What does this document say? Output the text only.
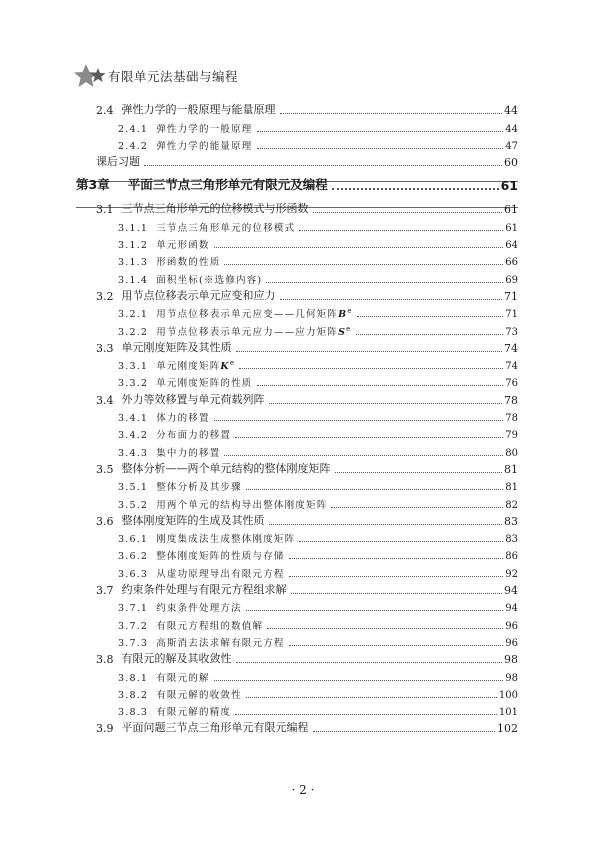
有限单元法基础与编程
2.4 弹性力学的一般原理与能量原理	44
2.4.1 弹性力学的一般原理	44
2.4.2 弹性力学的能量原理	47
课后习题	60
第3章	平面三节点三角形单元有限元及编程	61
3.1 三节点三角形单元的位移模式与形函数	61
3.1.1 三节点三角形单元的位移模式	61
3.1.2 单元形函数	64
3.1.3 形函数的性质	66
3.1.4 面积坐标(※选修内容)	69
3.2 用节点位移表示单元应变和应力	71
3.2.1 用节点位移表示单元应变——几何矩阵$B^e$	71
3.2.2 用节点位移表示单元应力——应力矩阵$S^e$	73
3.3 单元刚度矩阵及其性质	74
3.3.1 单元刚度矩阵$K^e$	74
3.3.2 单元刚度矩阵的性质	76
3.4 外力等效移置与单元荷载列阵	78
3.4.1 体力的移置	78
3.4.2 分布面力的移置	79
3.4.3 集中力的移置	80
3.5 整体分析——两个单元结构的整体刚度矩阵	81
3.5.1 整体分析及其步骤	81
3.5.2 用两个单元的结构导出整体刚度矩阵	82
3.6 整体刚度矩阵的生成及其性质	83
3.6.1 刚度集成法生成整体刚度矩阵	83
3.6.2 整体刚度矩阵的性质与存储	86
3.6.3 从虚功原理导出有限元方程	92
3.7 约束条件处理与有限元方程组求解	94
3.7.1 约束条件处理方法	94
3.7.2 有限元方程组的数值解	96
3.7.3 高斯消去法求解有限元方程	96
3.8 有限元的解及其收敛性	98
3.8.1 有限元的解	98
3.8.2 有限元解的收敛性	100
3.8.3 有限元解的精度	101
3.9 平面问题三节点三角形单元有限元编程	102
· 2 ·
